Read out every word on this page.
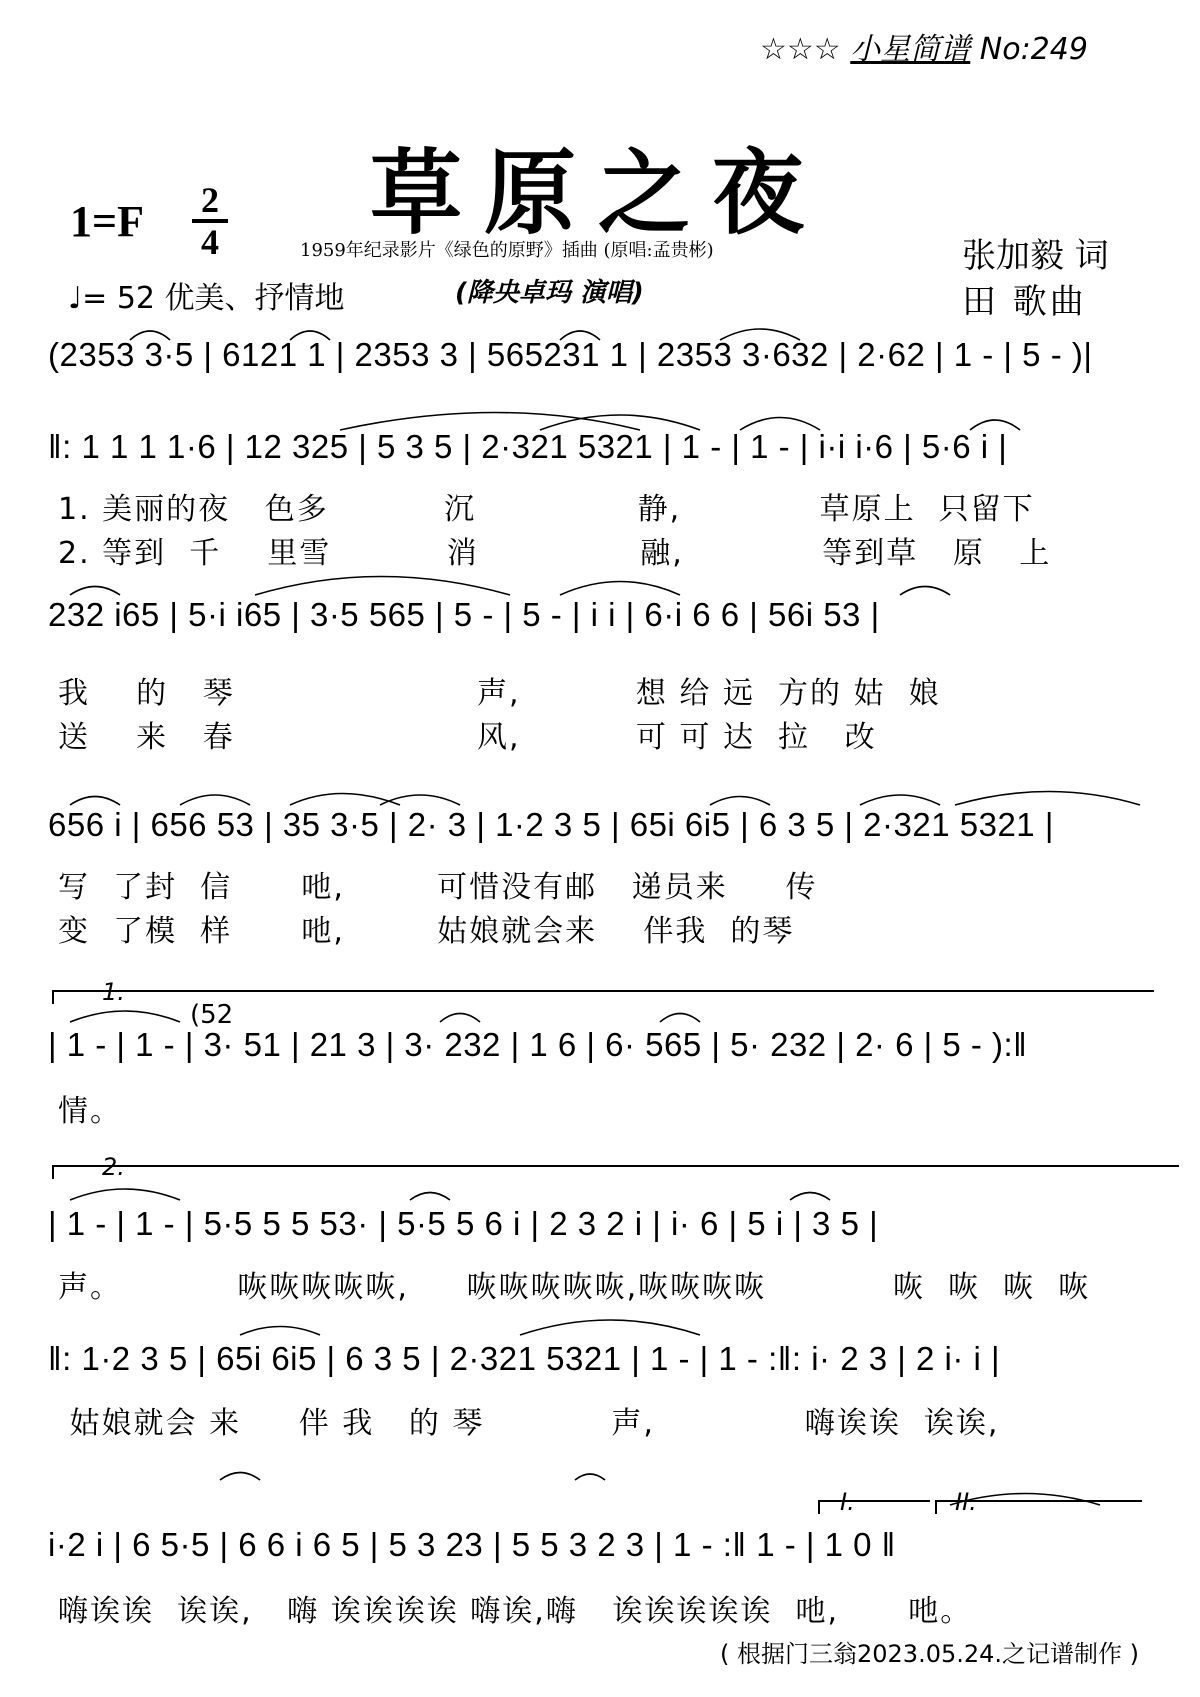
☆☆☆ 小星简谱 No:249
草原之夜
1=F 2
4	1959年纪录影片《绿色的原野》插曲 (原唱:孟贵彬)
♩= 52 优美、抒情地	(降央卓玛 演唱)
张加毅 词
田 歌曲
(2353 3·5 | 6121 1 | 2353 3 | 565231 1 | 2353 3·632 | 2·62 | 1 - | 5 - )|
‖: 1 1 1 1·6 | 12 325 | 5 3 5 | 2·321 5321 | 1 - | 1 - | i·i i·6 | 5·6 i |
1. 美丽的夜   色多          沉              静,            草原上  只留下
2. 等到  千    里雪          消              融,            等到草   原   上
232 i65 | 5·i i65 | 3·5 565 | 5 - | 5 - | i i | 6·i 6 6 | 56i 53 |
我    的   琴                     声,          想 给 远  方的 姑  娘
送    来   春                     风,          可 可 达  拉   改
656 i | 656 53 | 35 3·5 | 2· 3 | 1·2 3 5 | 65i 6i5 | 6 3 5 | 2·321 5321 |
写  了封  信      吔,        可惜没有邮   递员来     传
变  了模  样      吔,        姑娘就会来    伴我  的琴
1.
(52
| 1 - | 1 - | 3· 51 | 21 3 | 3· 232 | 1 6 | 6· 565 | 5· 232 | 2· 6 | 5 - ):‖
情。
2.
| 1 - | 1 - | 5·5 5 5 53· | 5·5 5 6 i | 2 3 2 i | i· 6 | 5 i | 3 5 |
声。          咴咴咴咴咴,     咴咴咴咴咴,咴咴咴咴           咴  咴  咴  咴
‖: 1·2 3 5 | 65i 6i5 | 6 3 5 | 2·321 5321 | 1 - | 1 - :‖: i· 2 3 | 2 i· i |
姑娘就会 来     伴 我   的 琴           声,             嗨诶诶  诶诶,
I.	II.
i·2 i | 6 5·5 | 6 6 i 6 5 | 5 3 23 | 5 5 3 2 3 | 1 - :‖ 1 - | 1 0 ‖
嗨诶诶  诶诶,   嗨 诶诶诶诶 嗨诶,嗨   诶诶诶诶诶  吔,      吔。
( 根据门三翁2023.05.24.之记谱制作 )
